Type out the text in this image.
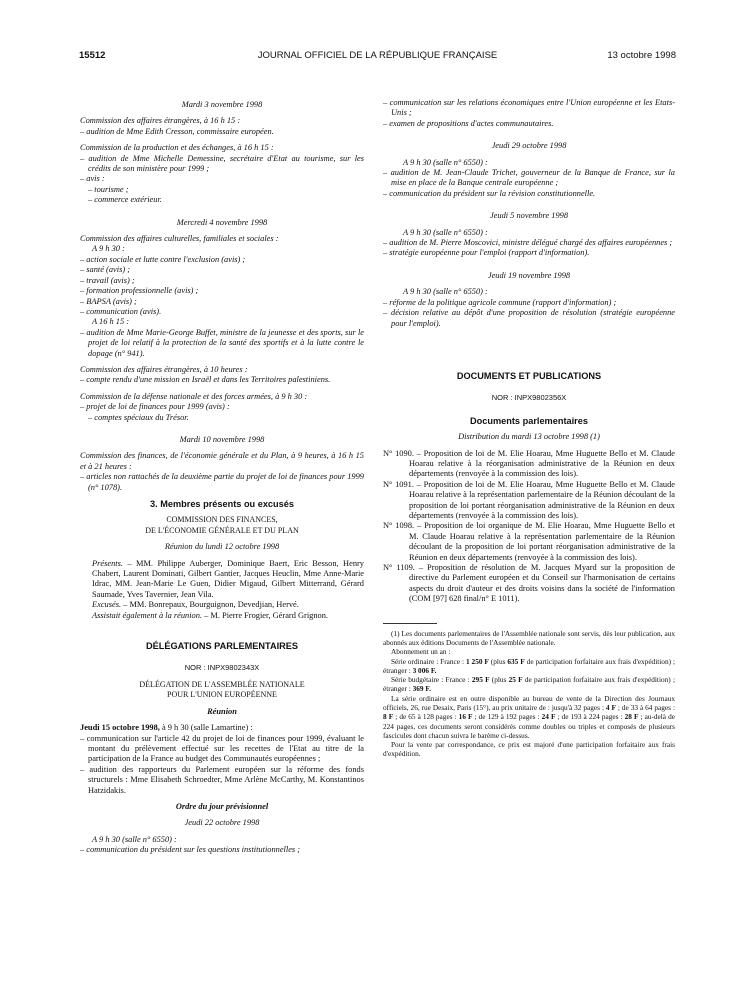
15512	JOURNAL OFFICIEL DE LA RÉPUBLIQUE FRANÇAISE	13 octobre 1998

Mardi 3 novembre 1998

Commission des affaires étrangères, à 16 h 15 :

– audition de Mme Edith Cresson, commissaire européen.

Commission de la production et des échanges, à 16 h 15 :

– audition de Mme Michelle Demessine, secrétaire d'Etat au tourisme, sur les crédits de son ministère pour 1999 ;

– avis :

– tourisme ;

– commerce extérieur.

Mercredi 4 novembre 1998

Commission des affaires culturelles, familiales et sociales :

A 9 h 30 :

– action sociale et lutte contre l'exclusion (avis) ;

– santé (avis) ;

– travail (avis) ;

– formation professionnelle (avis) ;

– BAPSA (avis) ;

– communication (avis).

A 16 h 15 :

– audition de Mme Marie-George Buffet, ministre de la jeunesse et des sports, sur le projet de loi relatif à la protection de la santé des sportifs et à la lutte contre le dopage (n° 941).

Commission des affaires étrangères, à 10 heures :

– compte rendu d'une mission en Israël et dans les Territoires palestiniens.

Commission de la défense nationale et des forces armées, à 9 h 30 :

– projet de loi de finances pour 1999 (avis) :

– comptes spéciaux du Trésor.

Mardi 10 novembre 1998

Commission des finances, de l'économie générale et du Plan, à 9 heures, à 16 h 15 et à 21 heures :

– articles non rattachés de la deuxième partie du projet de loi de finances pour 1999 (n° 1078).

3. Membres présents ou excusés

COMMISSION DES FINANCES,

DE L'ÉCONOMIE GÉNÉRALE ET DU PLAN

Réunion du lundi 12 octobre 1998

Présents. – MM. Philippe Auberger, Dominique Baert, Eric Besson, Henry Chabert, Laurent Dominati, Gilbert Gantier, Jacques Heuclin, Mme Anne-Marie Idrac, MM. Jean-Marie Le Guen, Didier Migaud, Gilbert Mitterrand, Gérard Saumade, Yves Tavernier, Jean Vila.

Excusés. – MM. Bonrepaux, Bourguignon, Devedjian, Hervé.

Assistait également à la réunion. – M. Pierre Frogier, Gérard Grignon.

DÉLÉGATIONS PARLEMENTAIRES

NOR : INPX9802343X

DÉLÉGATION DE L'ASSEMBLÉE NATIONALE

POUR L'UNION EUROPÉENNE

Réunion

Jeudi 15 octobre 1998, à 9 h 30 (salle Lamartine) :

– communication sur l'article 42 du projet de loi de finances pour 1999, évaluant le montant du prélèvement effectué sur les recettes de l'Etat au titre de la participation de la France au budget des Communautés européennes ;

– audition des rapporteurs du Parlement européen sur la réforme des fonds structurels : Mme Elisabeth Schroedter, Mme Arlène McCarthy, M. Konstantinos Hatzidakis.

Ordre du jour prévisionnel

Jeudi 22 octobre 1998

A 9 h 30 (salle n° 6550) :

– communication du président sur les questions institutionnelles ;

– communication sur les relations économiques entre l'Union européenne et les Etats-Unis ;

– examen de propositions d'actes communautaires.

Jeudi 29 octobre 1998

A 9 h 30 (salle n° 6550) :

– audition de M. Jean-Claude Trichet, gouverneur de la Banque de France, sur la mise en place de la Banque centrale européenne ;

– communication du président sur la révision constitutionnelle.

Jeudi 5 novembre 1998

A 9 h 30 (salle n° 6550) :

– audition de M. Pierre Moscovici, ministre délégué chargé des affaires européennes ;

– stratégie européenne pour l'emploi (rapport d'information).

Jeudi 19 novembre 1998

A 9 h 30 (salle n° 6550) :

– réforme de la politique agricole commune (rapport d'information) ;

– décision relative au dépôt d'une proposition de résolution (stratégie européenne pour l'emploi).

DOCUMENTS ET PUBLICATIONS

NOR : INPX9802356X

Documents parlementaires

Distribution du mardi 13 octobre 1998 (1)

N° 1090. – Proposition de loi de M. Elie Hoarau, Mme Huguette Bello et M. Claude Hoarau relative à la réorganisation administrative de la Réunion en deux départements (renvoyée à la commission des lois).

N° 1091. – Proposition de loi de M. Elie Hoarau, Mme Huguette Bello et M. Claude Hoarau relative à la représentation parlementaire de la Réunion découlant de la proposition de loi portant réorganisation administrative de la Réunion en deux départements (renvoyée à la commission des lois).

N° 1098. – Proposition de loi organique de M. Elie Hoarau, Mme Huguette Bello et M. Claude Hoarau relative à la représentation parlementaire de la Réunion découlant de la proposition de loi portant réorganisation administrative de la Réunion en deux départements (renvoyée à la commission des lois).

N° 1109. – Proposition de résolution de M. Jacques Myard sur la proposition de directive du Parlement européen et du Conseil sur l'harmonisation de certains aspects du droit d'auteur et des droits voisins dans la société de l'information (COM [97] 628 final/n° E 1011).

(1) Les documents parlementaires de l'Assemblée nationale sont servis, dès leur publication, aux abonnés aux éditions Documents de l'Assemblée nationale.

Abonnement un an :

Série ordinaire : France : 1 250 F (plus 635 F de participation forfaitaire aux frais d'expédition) ; étranger : 3 006 F.

Série budgétaire : France : 295 F (plus 25 F de participation forfaitaire aux frais d'expédition) ; étranger : 369 F.

La série ordinaire est en outre disponible au bureau de vente de la Direction des Journaux officiels, 26, rue Desaix, Paris (15°), au prix unitaire de : jusqu'à 32 pages : 4 F ; de 33 à 64 pages : 8 F ; de 65 à 128 pages : 16 F ; de 129 à 192 pages : 24 F ; de 193 à 224 pages : 28 F ; au-delà de 224 pages, ces documents seront considérés comme doubles ou triples et composés de plusieurs fascicules dont chacun suivra le barème ci-dessus.

Pour la vente par correspondance, ce prix est majoré d'une participation forfaitaire aux frais d'expédition.
